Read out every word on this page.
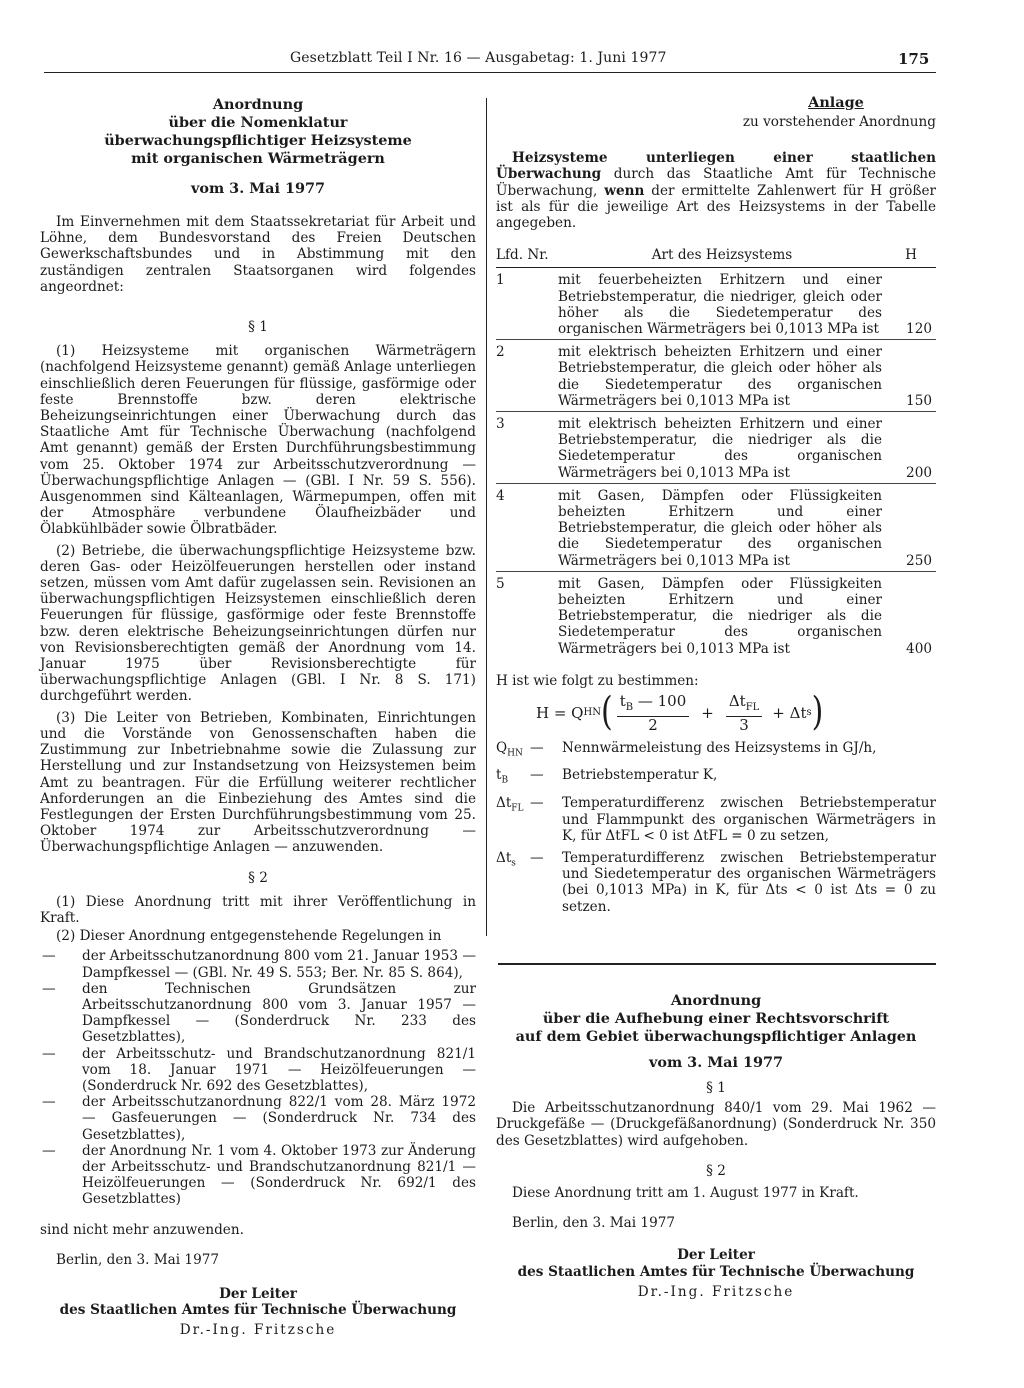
Gesetzblatt Teil I Nr. 16 — Ausgabetag: 1. Juni 1977	175
Anordnung
über die Nomenklatur
überwachungspflichtiger Heizsysteme
mit organischen Wärmeträgern
vom 3. Mai 1977

Im Einvernehmen mit dem Staatssekretariat für Arbeit und Löhne, dem Bundesvorstand des Freien Deutschen Gewerkschaftsbundes und in Abstimmung mit den zuständigen zentralen Staatsorganen wird folgendes angeordnet:

§ 1

(1) Heizsysteme mit organischen Wärmeträgern (nachfolgend Heizsysteme genannt) gemäß Anlage unterliegen einschließlich deren Feuerungen für flüssige, gasförmige oder feste Brennstoffe bzw. deren elektrische Beheizungseinrichtungen einer Überwachung durch das Staatliche Amt für Technische Überwachung (nachfolgend Amt genannt) gemäß der Ersten Durchführungsbestimmung vom 25. Oktober 1974 zur Arbeitsschutzverordnung — Überwachungspflichtige Anlagen — (GBl. I Nr. 59 S. 556). Ausgenommen sind Kälteanlagen, Wärmepumpen, offen mit der Atmosphäre verbundene Ölaufheizbäder und Ölabkühlbäder sowie Ölbratbäder.

(2) Betriebe, die überwachungspflichtige Heizsysteme bzw. deren Gas- oder Heizölfeuerungen herstellen oder instand setzen, müssen vom Amt dafür zugelassen sein. Revisionen an überwachungspflichtigen Heizsystemen einschließlich deren Feuerungen für flüssige, gasförmige oder feste Brennstoffe bzw. deren elektrische Beheizungseinrichtungen dürfen nur von Revisionsberechtigten gemäß der Anordnung vom 14. Januar 1975 über Revisionsberechtigte für überwachungspflichtige Anlagen (GBl. I Nr. 8 S. 171) durchgeführt werden.

(3) Die Leiter von Betrieben, Kombinaten, Einrichtungen und die Vorstände von Genossenschaften haben die Zustimmung zur Inbetriebnahme sowie die Zulassung zur Herstellung und zur Instandsetzung von Heizsystemen beim Amt zu beantragen. Für die Erfüllung weiterer rechtlicher Anforderungen an die Einbeziehung des Amtes sind die Festlegungen der Ersten Durchführungsbestimmung vom 25. Oktober 1974 zur Arbeitsschutzverordnung — Überwachungspflichtige Anlagen — anzuwenden.

§ 2

(1) Diese Anordnung tritt mit ihrer Veröffentlichung in Kraft.

(2) Dieser Anordnung entgegenstehende Regelungen in

—	der Arbeitsschutzanordnung 800 vom 21. Januar 1953 — Dampfkessel — (GBl. Nr. 49 S. 553; Ber. Nr. 85 S. 864),
—	den Technischen Grundsätzen zur Arbeitsschutzanordnung 800 vom 3. Januar 1957 — Dampfkessel — (Sonderdruck Nr. 233 des Gesetzblattes),
—	der Arbeitsschutz- und Brandschutzanordnung 821/1 vom 18. Januar 1971 — Heizölfeuerungen — (Sonderdruck Nr. 692 des Gesetzblattes),
—	der Arbeitsschutzanordnung 822/1 vom 28. März 1972 — Gasfeuerungen — (Sonderdruck Nr. 734 des Gesetzblattes),
—	der Anordnung Nr. 1 vom 4. Oktober 1973 zur Änderung der Arbeitsschutz- und Brandschutzanordnung 821/1 — Heizölfeuerungen — (Sonderdruck Nr. 692/1 des Gesetzblattes)

sind nicht mehr anzuwenden.

Berlin, den 3. Mai 1977

Der Leiter
des Staatlichen Amtes für Technische Überwachung
Dr.-Ing. Fritzsche
Anlage
zu vorstehender Anordnung

Heizsysteme unterliegen einer staatlichen Überwachung durch das Staatliche Amt für Technische Überwachung, wenn der ermittelte Zahlenwert für H größer ist als für die jeweilige Art des Heizsystems in der Tabelle angegeben.

Lfd. Nr.	Art des Heizsystems	H
1	mit feuerbeheizten Erhitzern und einer Betriebstemperatur, die niedriger, gleich oder höher als die Siedetemperatur des organischen Wärmeträgers bei 0,1013 MPa ist	120
2	mit elektrisch beheizten Erhitzern und einer Betriebstemperatur, die gleich oder höher als die Siedetemperatur des organischen Wärmeträgers bei 0,1013 MPa ist	150
3	mit elektrisch beheizten Erhitzern und einer Betriebstemperatur, die niedriger als die Siedetemperatur des organischen Wärmeträgers bei 0,1013 MPa ist	200
4	mit Gasen, Dämpfen oder Flüssigkeiten beheizten Erhitzern und einer Betriebstemperatur, die gleich oder höher als die Siedetemperatur des organischen Wärmeträgers bei 0,1013 MPa ist	250
5	mit Gasen, Dämpfen oder Flüssigkeiten beheizten Erhitzern und einer Betriebstemperatur, die niedriger als die Siedetemperatur des organischen Wärmeträgers bei 0,1013 MPa ist	400

H ist wie folgt zu bestimmen:

H = Q HN ( $\frac{t_B — 100}{2} + \frac{\Delta t_{FL}}{3} + \Delta t$ s )
$Q_{HN}$ —	Nennwärmeleistung des Heizsystems in GJ/h,
$t_B$	—	Betriebstemperatur K,
$\Delta t_{FL}$ —	Temperaturdifferenz zwischen Betriebstemperatur und Flammpunkt des organischen Wärmeträgers in K, für ΔtFL < 0 ist ΔtFL = 0 zu setzen,
$\Delta t_s$	—	Temperaturdifferenz zwischen Betriebstemperatur und Siedetemperatur des organischen Wärmeträgers (bei 0,1013 MPa) in K, für Δts < 0 ist Δts = 0 zu setzen.
Anordnung
über die Aufhebung einer Rechtsvorschrift
auf dem Gebiet überwachungspflichtiger Anlagen
vom 3. Mai 1977
§ 1

Die Arbeitsschutzanordnung 840/1 vom 29. Mai 1962 — Druckgefäße — (Druckgefäßanordnung) (Sonderdruck Nr. 350 des Gesetzblattes) wird aufgehoben.

§ 2

Diese Anordnung tritt am 1. August 1977 in Kraft.

Berlin, den 3. Mai 1977

Der Leiter
des Staatlichen Amtes für Technische Überwachung
Dr.-Ing. Fritzsche
